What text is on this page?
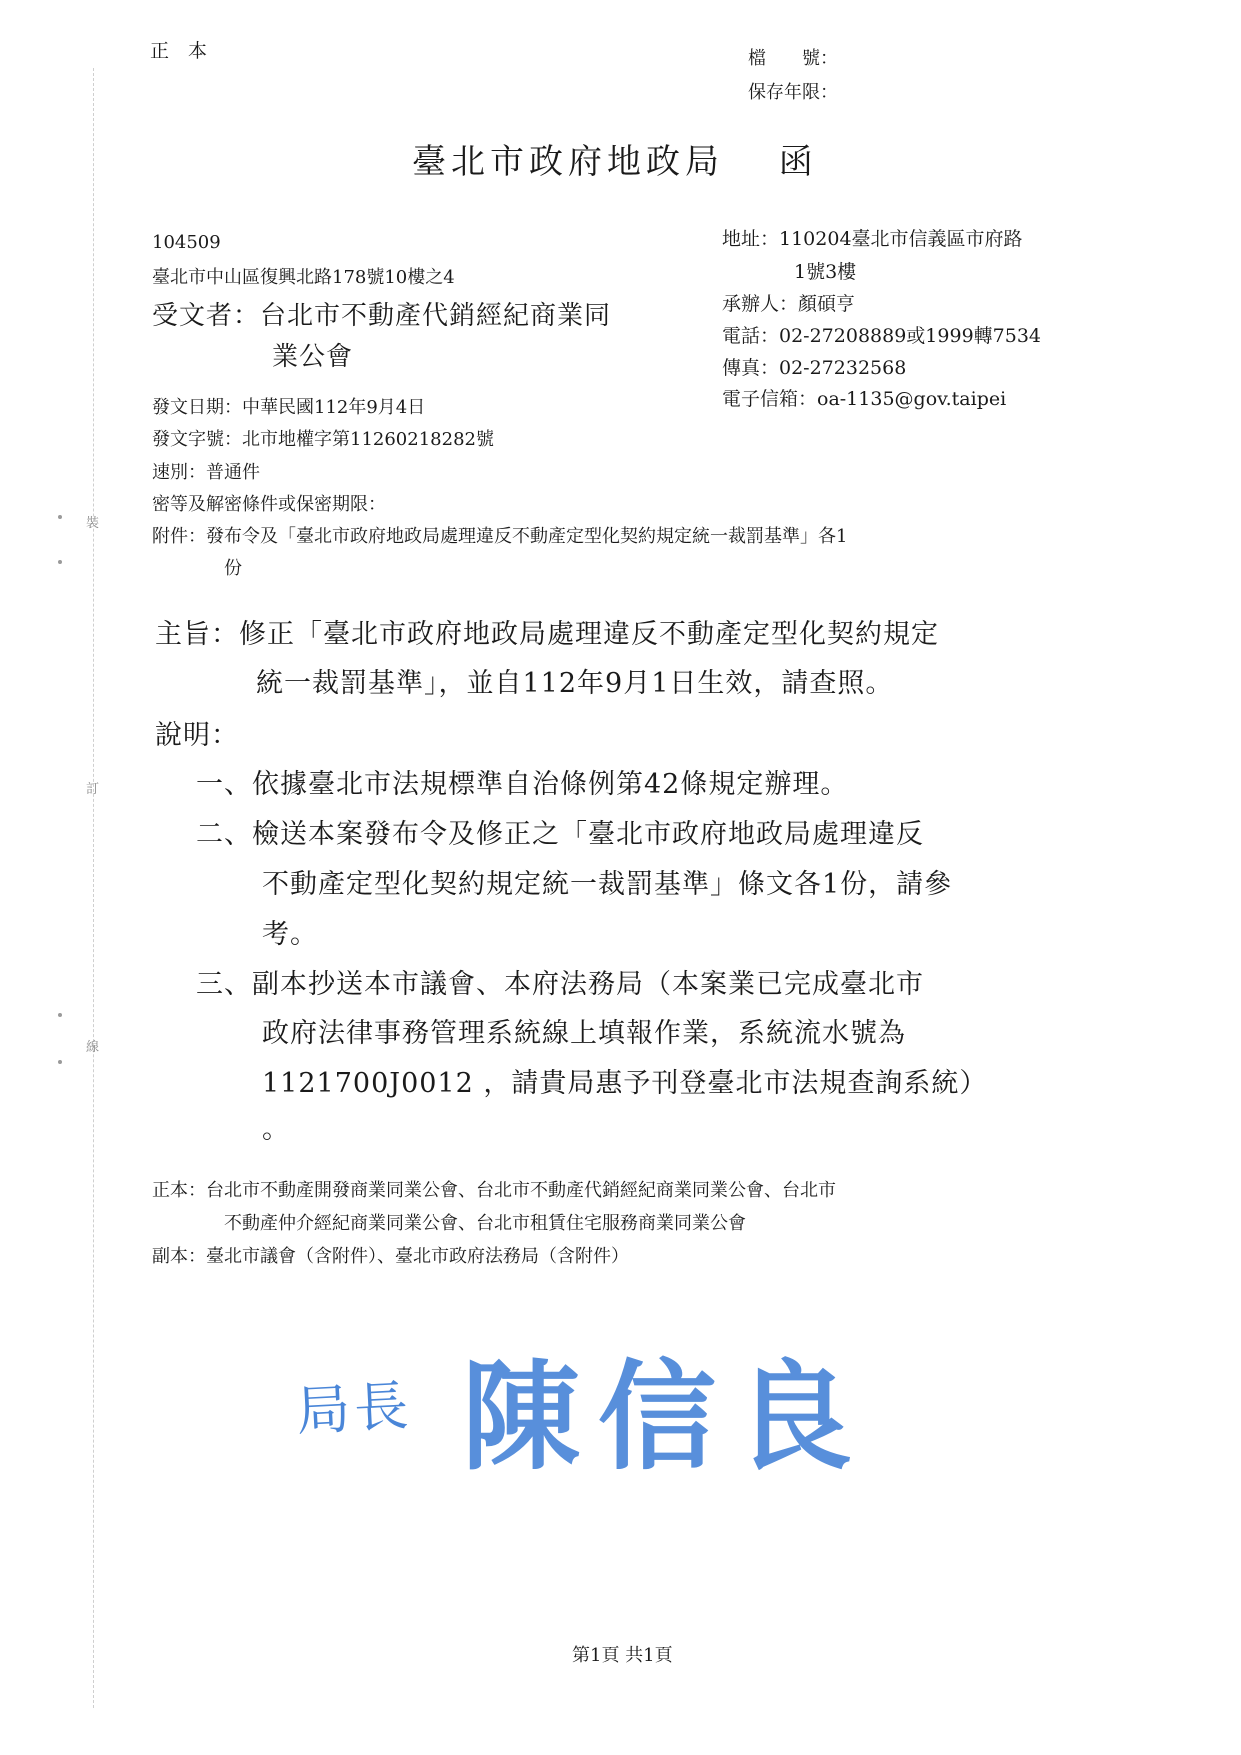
裝
訂
線
正　本	檔　　號：
保存年限：
臺北市政府地政局　 函
104509
臺北市中山區復興北路178號10樓之4
受文者：台北市不動產代銷經紀商業同
業公會
地址：110204臺北市信義區市府路
1號3樓
承辦人：顏碩亨
電話：02-27208889或1999轉7534
傳真：02-27232568
電子信箱：oa-1135@gov.taipei
發文日期：中華民國112年9月4日
發文字號：北市地權字第11260218282號
速別：普通件
密等及解密條件或保密期限：
附件：發布令及「臺北市政府地政局處理違反不動產定型化契約規定統一裁罰基準」各1
份
主旨：修正「臺北市政府地政局處理違反不動產定型化契約規定
統一裁罰基準」，並自112年9月1日生效，請查照。
說明：
一、依據臺北市法規標準自治條例第42條規定辦理。
二、檢送本案發布令及修正之「臺北市政府地政局處理違反
不動產定型化契約規定統一裁罰基準」條文各1份，請參
考。
三、副本抄送本市議會、本府法務局（本案業已完成臺北市
政府法律事務管理系統線上填報作業，系統流水號為
1121700J0012 ，請貴局惠予刊登臺北市法規查詢系統）
。
正本：台北市不動產開發商業同業公會、台北市不動產代銷經紀商業同業公會、台北市
不動產仲介經紀商業同業公會、台北市租賃住宅服務商業同業公會
副本：臺北市議會（含附件）、臺北市政府法務局（含附件）
局長 陳信良
第1頁 共1頁
